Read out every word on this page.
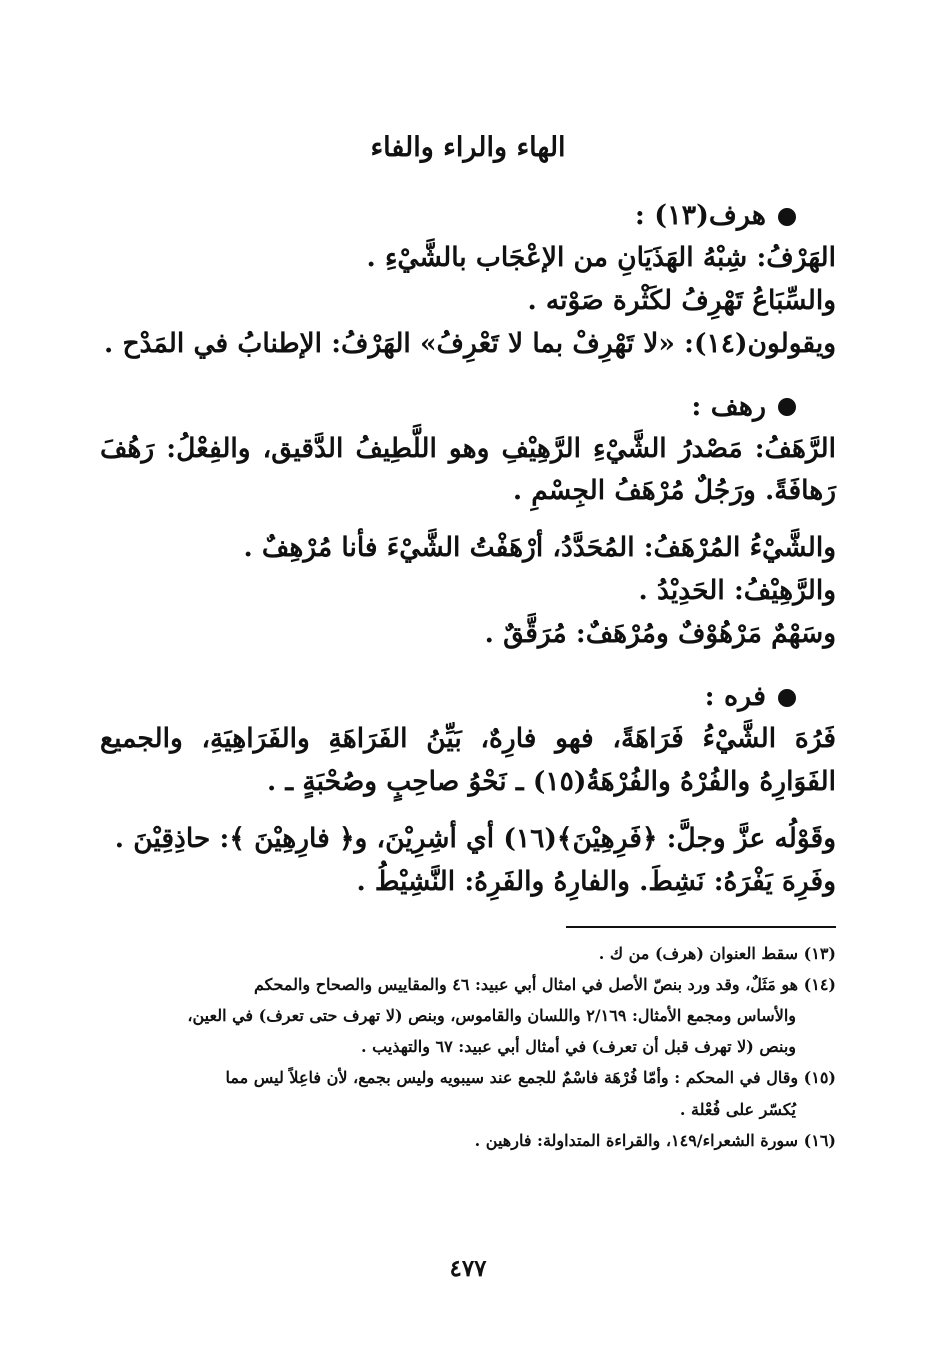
الهاء والراء والفاء
هرف(١٣) :
الهَرْفُ: شِبْهُ الهَذَيَانِ من الإعْجَاب بالشَّيْءِ .
والسِّبَاعُ تَهْرِفُ لكَثْرة صَوْته .
ويقولون(١٤): «لا تَهْرِفْ بما لا تَعْرِفُ» الهَرْفُ: الإطنابُ في المَدْح .
رهف :
الرَّهَفُ: مَصْدرُ الشَّيْءِ الرَّهِيْفِ وهو اللَّطِيفُ الدَّقيق، والفِعْلُ: رَهُفَ رَهافَةً. ورَجُلٌ مُرْهَفُ الجِسْمِ .
والشَّيْءُ المُرْهَفُ: المُحَدَّدُ، أرْهَفْتُ الشَّيْءَ فأنا مُرْهِفٌ .
والرَّهِيْفُ: الحَدِيْدُ .
وسَهْمٌ مَرْهُوْفٌ ومُرْهَفٌ: مُرَقَّقٌ .
فره :
فَرُهَ الشَّيْءُ فَرَاهَةً، فهو فارِهٌ، بَيِّنُ الفَرَاهَةِ والفَرَاهِيَةِ، والجميع الفَوَارِهُ والفُرْهُ والفُرْهَةُ(١٥) ـ نَحْوُ صاحِبٍ وصُحْبَةٍ ـ .
وقَوْلُه عزَّ وجلَّ: ﴿فَرِهِيْنَ﴾(١٦) أي أشِرِيْنَ، و﴿ فارِهِيْنَ ﴾: حاذِقِيْنَ .
وفَرِهَ يَفْرَهُ: نَشِطَ. والفارِهُ والفَرِهُ: النَّشِيْطُ .
(١٣) سقط العنوان (هرف) من ك .
(١٤) هو مَثَلٌ، وقد ورد بنصّ الأصل في امثال أبي عبيد: ٤٦ والمقاييس والصحاح والمحكم
والأساس ومجمع الأمثال: ٢/١٦٩ واللسان والقاموس، وبنص (لا تهرف حتى تعرف) في العين،
وبنص (لا تهرف قبل أن تعرف) في أمثال أبي عبيد: ٦٧ والتهذيب .
(١٥) وقال في المحكم : وأمّا فُرْهَة فاسْمٌ للجمع عند سيبويه وليس بجمع، لأن فاعِلاً ليس مما
يُكسّر على فُعْلة .
(١٦) سورة الشعراء/١٤٩، والقراءة المتداولة: فارهين .
٤٧٧
